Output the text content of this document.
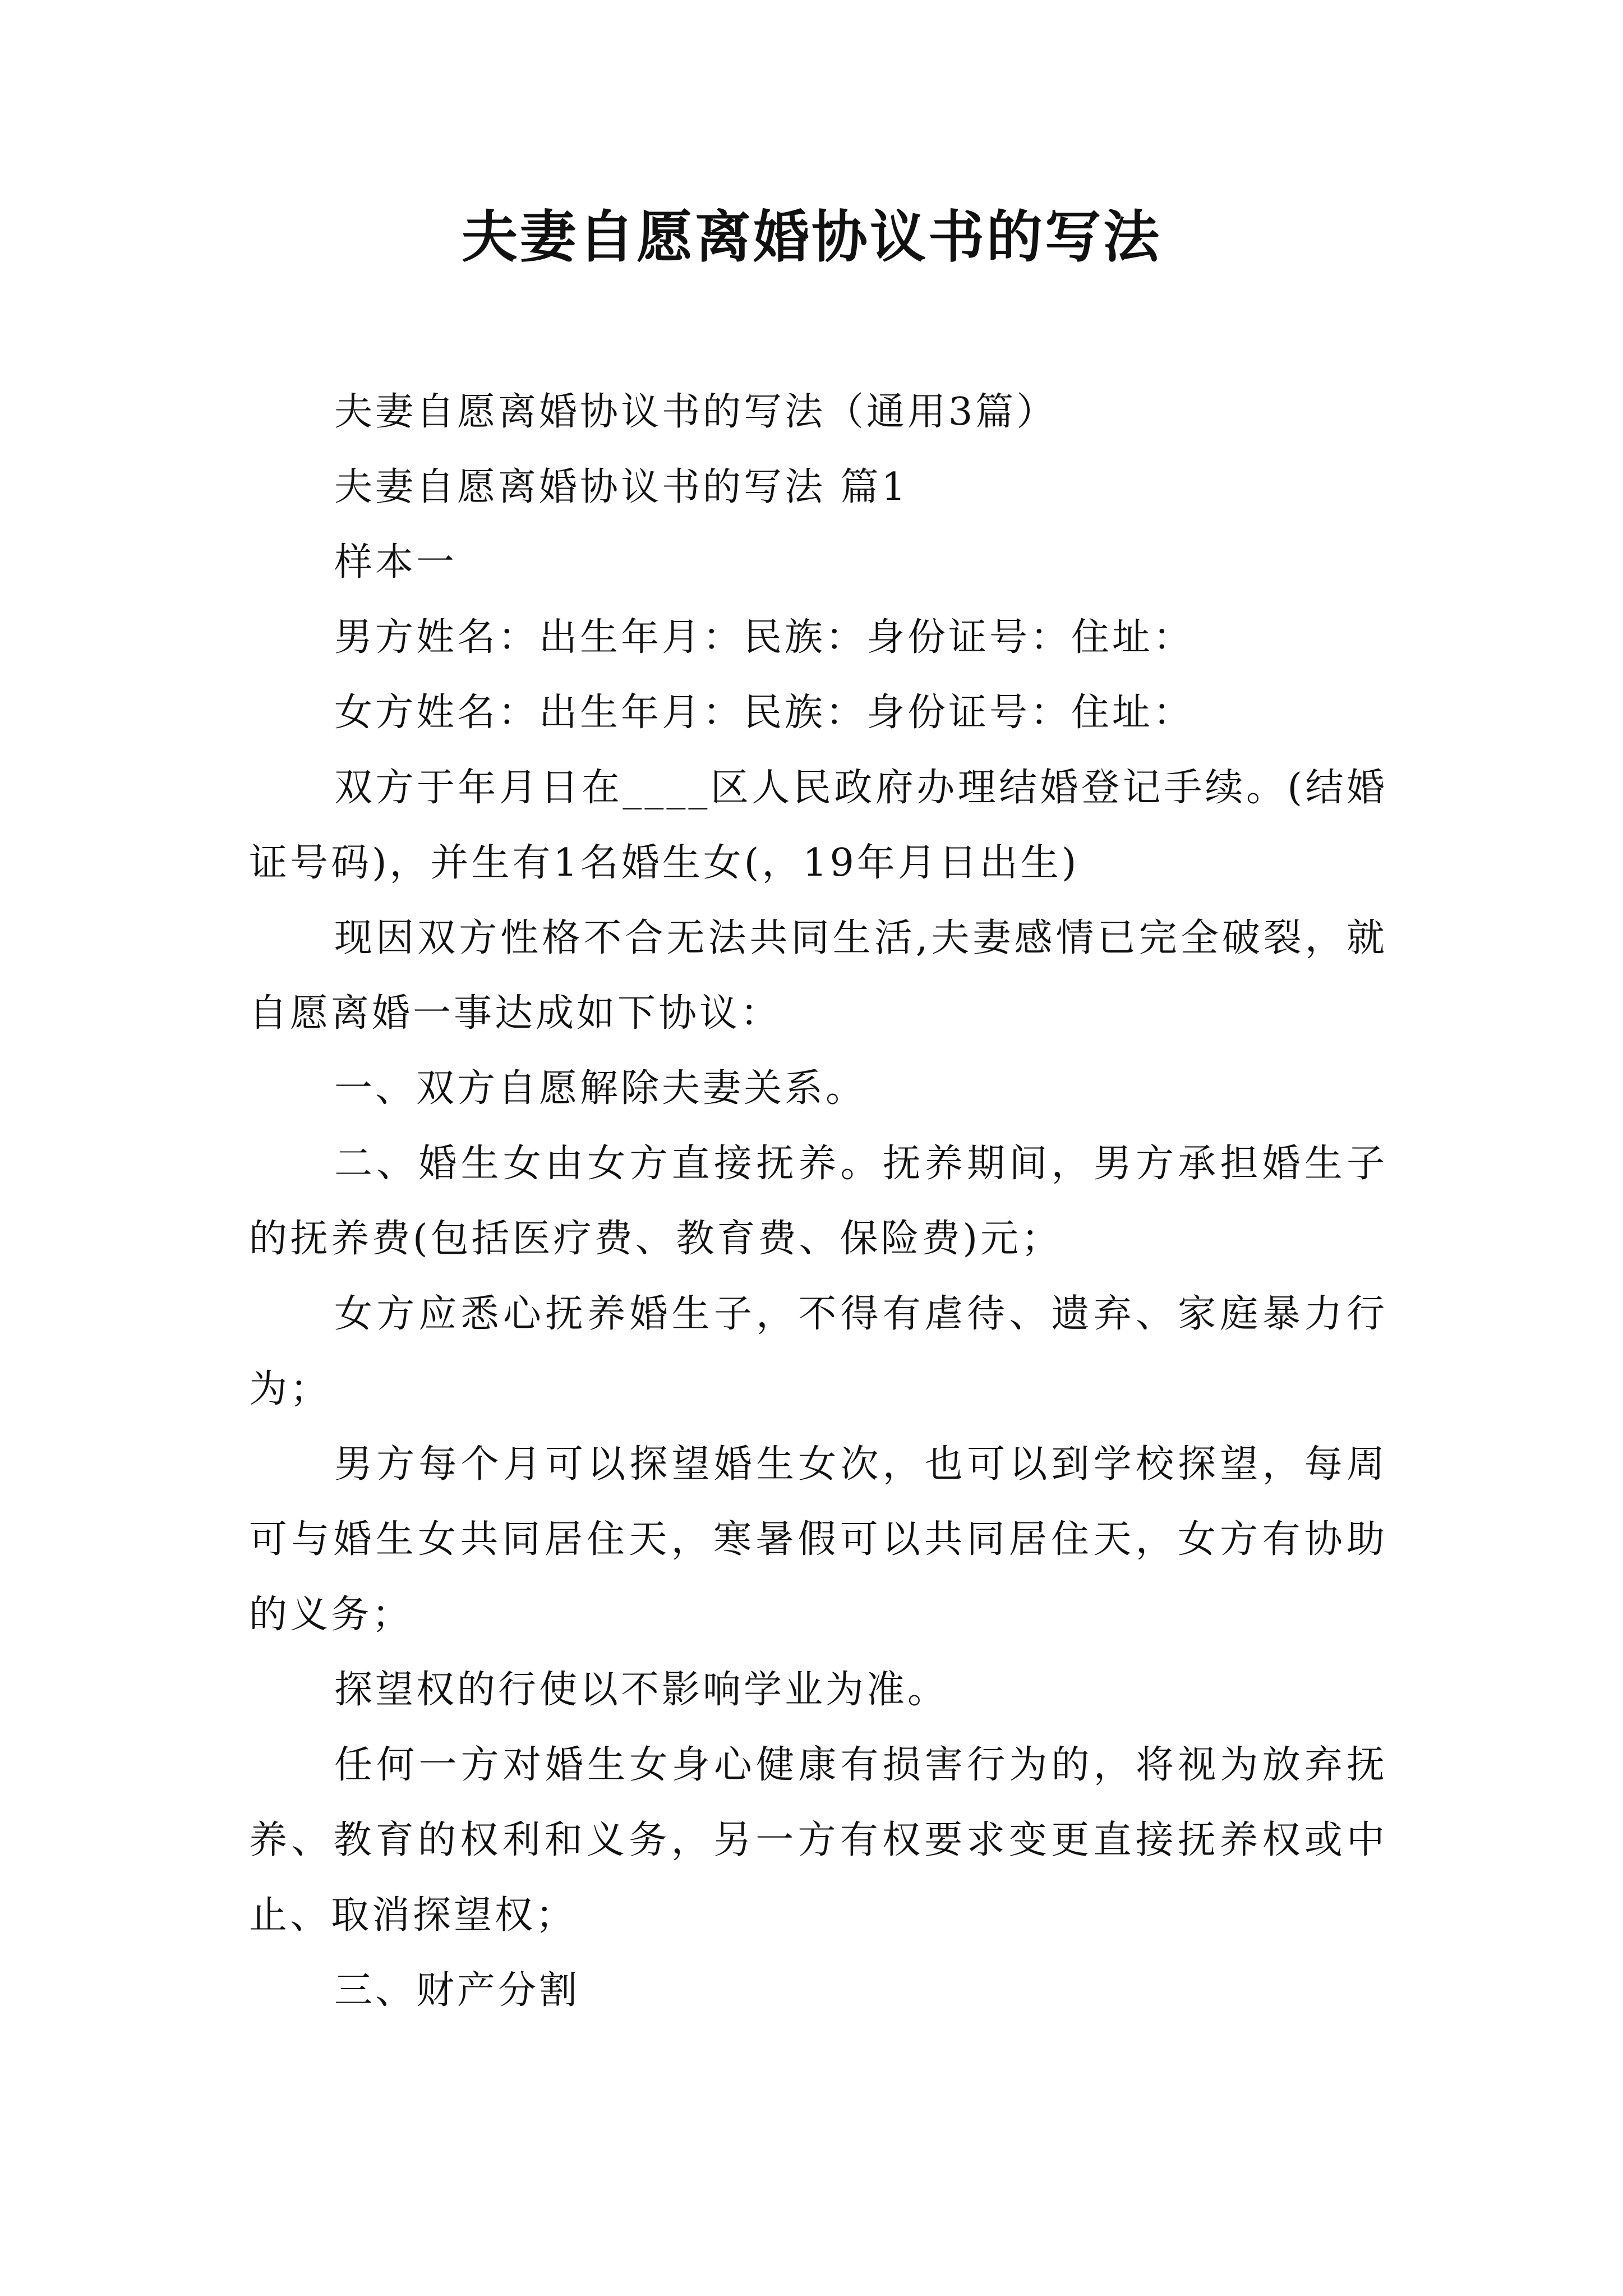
夫妻自愿离婚协议书的写法

夫妻自愿离婚协议书的写法（通用3篇）

夫妻自愿离婚协议书的写法 篇1

样本一

男方姓名：出生年月：民族：身份证号：住址：

女方姓名：出生年月：民族：身份证号：住址：

双方于年月日在____区人民政府办理结婚登记手续。(结婚证号码)，并生有1名婚生女(，19年月日出生)

现因双方性格不合无法共同生活,夫妻感情已完全破裂，就自愿离婚一事达成如下协议：

一、双方自愿解除夫妻关系。

二、婚生女由女方直接抚养。抚养期间，男方承担婚生子的抚养费(包括医疗费、教育费、保险费)元；

女方应悉心抚养婚生子，不得有虐待、遗弃、家庭暴力行为；

男方每个月可以探望婚生女次，也可以到学校探望，每周可与婚生女共同居住天，寒暑假可以共同居住天，女方有协助的义务；

探望权的行使以不影响学业为准。

任何一方对婚生女身心健康有损害行为的，将视为放弃抚养、教育的权利和义务，另一方有权要求变更直接抚养权或中止、取消探望权；

三、财产分割
